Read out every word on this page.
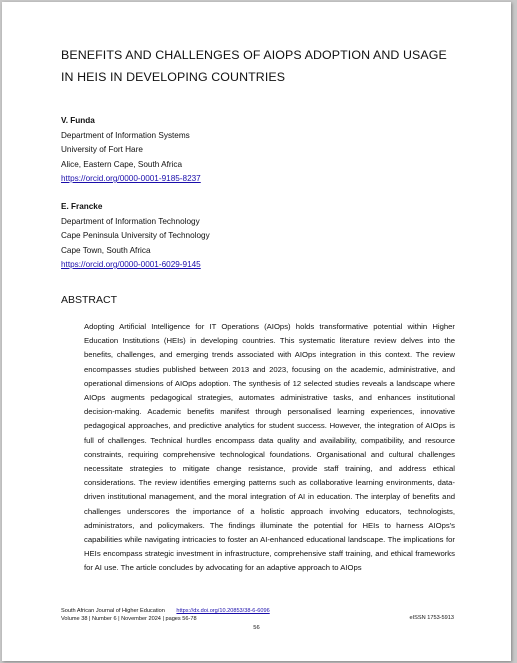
BENEFITS AND CHALLENGES OF AIOPS ADOPTION AND USAGE IN HEIS IN DEVELOPING COUNTRIES
V. Funda
Department of Information Systems
University of Fort Hare
Alice, Eastern Cape, South Africa
https://orcid.org/0000-0001-9185-8237
E. Francke
Department of Information Technology
Cape Peninsula University of Technology
Cape Town, South Africa
https://orcid.org/0000-0001-6029-9145
ABSTRACT

Adopting Artificial Intelligence for IT Operations (AIOps) holds transformative potential within Higher Education Institutions (HEIs) in developing countries. This systematic literature review delves into the benefits, challenges, and emerging trends associated with AIOps integration in this context. The review encompasses studies published between 2013 and 2023, focusing on the academic, administrative, and operational dimensions of AIOps adoption. The synthesis of 12 selected studies reveals a landscape where AIOps augments pedagogical strategies, automates administrative tasks, and enhances institutional decision-making. Academic benefits manifest through personalised learning experiences, innovative pedagogical approaches, and predictive analytics for student success. However, the integration of AIOps is full of challenges. Technical hurdles encompass data quality and availability, compatibility, and resource constraints, requiring comprehensive technological foundations. Organisational and cultural challenges necessitate strategies to mitigate change resistance, provide staff training, and address ethical considerations. The review identifies emerging patterns such as collaborative learning environments, data-driven institutional management, and the moral integration of AI in education. The interplay of benefits and challenges underscores the importance of a holistic approach involving educators, technologists, administrators, and policymakers. The findings illuminate the potential for HEIs to harness AIOps's capabilities while navigating intricacies to foster an AI-enhanced educational landscape. The implications for HEIs encompass strategic investment in infrastructure, comprehensive staff training, and ethical frameworks for AI use. The article concludes by advocating for an adaptive approach to AIOps

South African Journal of Higher Education https://dx.doi.org/10.20853/38-6-6096
Volume 38 | Number 6 | November 2024 | pages 56-78	eISSN 1753-5913
56
